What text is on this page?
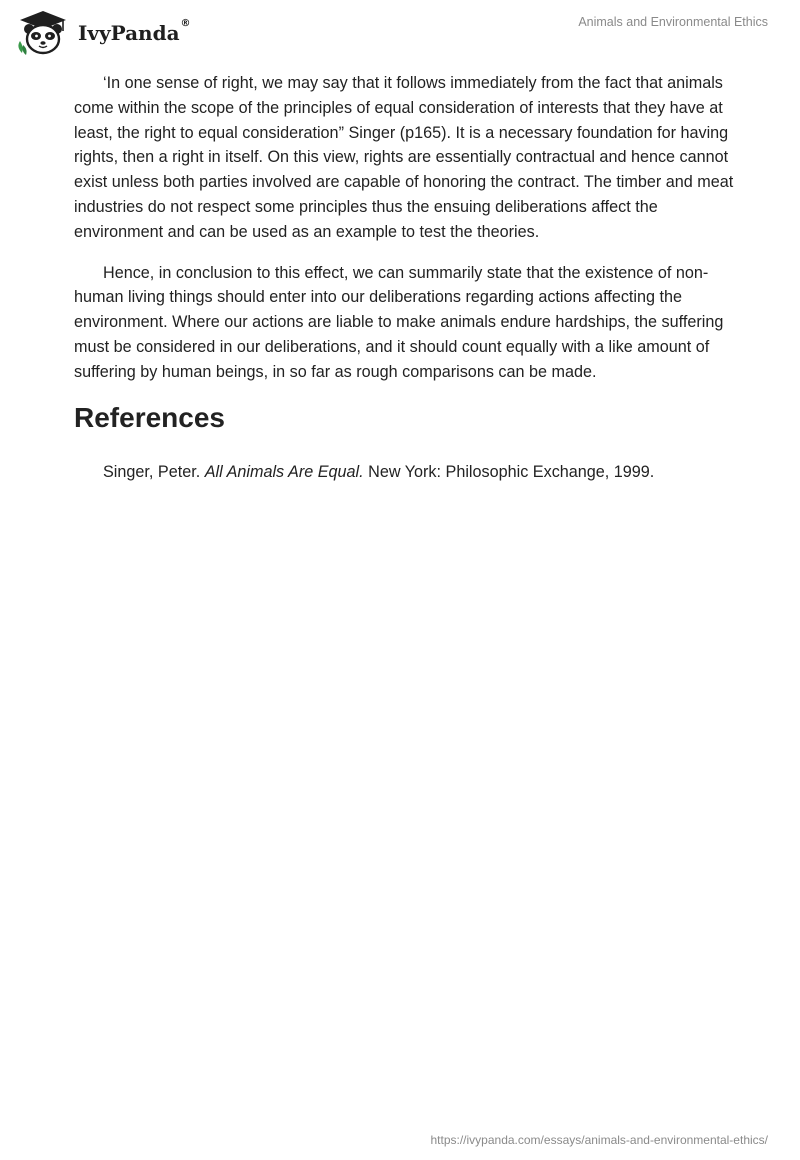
IvyPanda®	Animals and Environmental Ethics

‘In one sense of right, we may say that it follows immediately from the fact that animals come within the scope of the principles of equal consideration of interests that they have at least, the right to equal consideration” Singer (p165). It is a necessary foundation for having rights, then a right in itself. On this view, rights are essentially contractual and hence cannot exist unless both parties involved are capable of honoring the contract. The timber and meat industries do not respect some principles thus the ensuing deliberations affect the environment and can be used as an example to test the theories.

Hence, in conclusion to this effect, we can summarily state that the existence of non-human living things should enter into our deliberations regarding actions affecting the environment. Where our actions are liable to make animals endure hardships, the suffering must be considered in our deliberations, and it should count equally with a like amount of suffering by human beings, in so far as rough comparisons can be made.

References

Singer, Peter. All Animals Are Equal. New York: Philosophic Exchange, 1999.

https://ivypanda.com/essays/animals-and-environmental-ethics/
